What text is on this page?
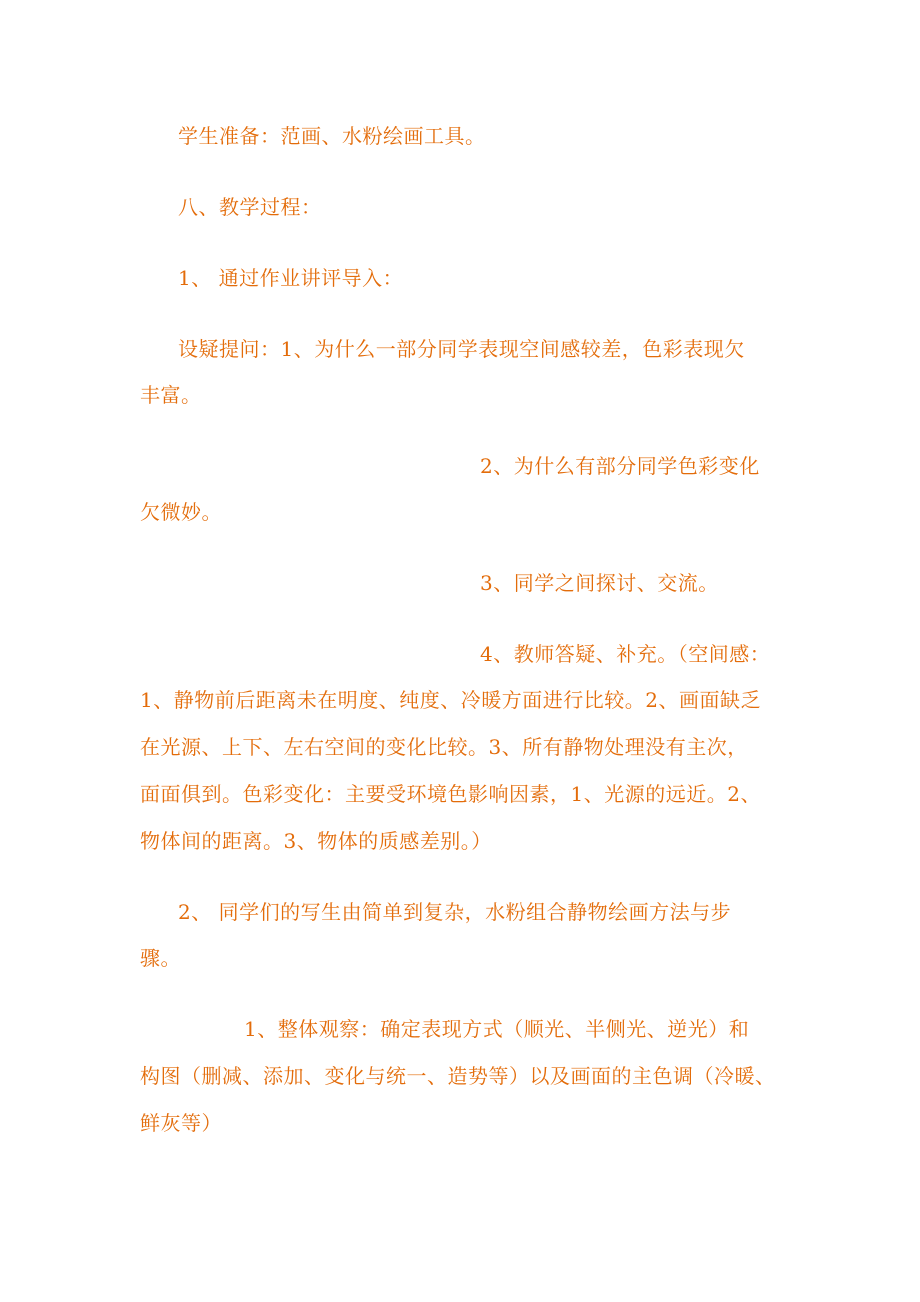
学生准备：范画、水粉绘画工具。
八、教学过程：
1、 通过作业讲评导入：
设疑提问：1、为什么一部分同学表现空间感较差，色彩表现欠
丰富。
2、为什么有部分同学色彩变化
欠微妙。
3、同学之间探讨、交流。
4、教师答疑、补充。（空间感：
1、静物前后距离未在明度、纯度、冷暖方面进行比较。2、画面缺乏
在光源、上下、左右空间的变化比较。3、所有静物处理没有主次，
面面俱到。色彩变化：主要受环境色影响因素，1、光源的远近。2、
物体间的距离。3、物体的质感差别。）
2、 同学们的写生由简单到复杂，水粉组合静物绘画方法与步
骤。
1、整体观察：确定表现方式（顺光、半侧光、逆光）和
构图（删减、添加、变化与统一、造势等）以及画面的主色调（冷暖、
鲜灰等）
